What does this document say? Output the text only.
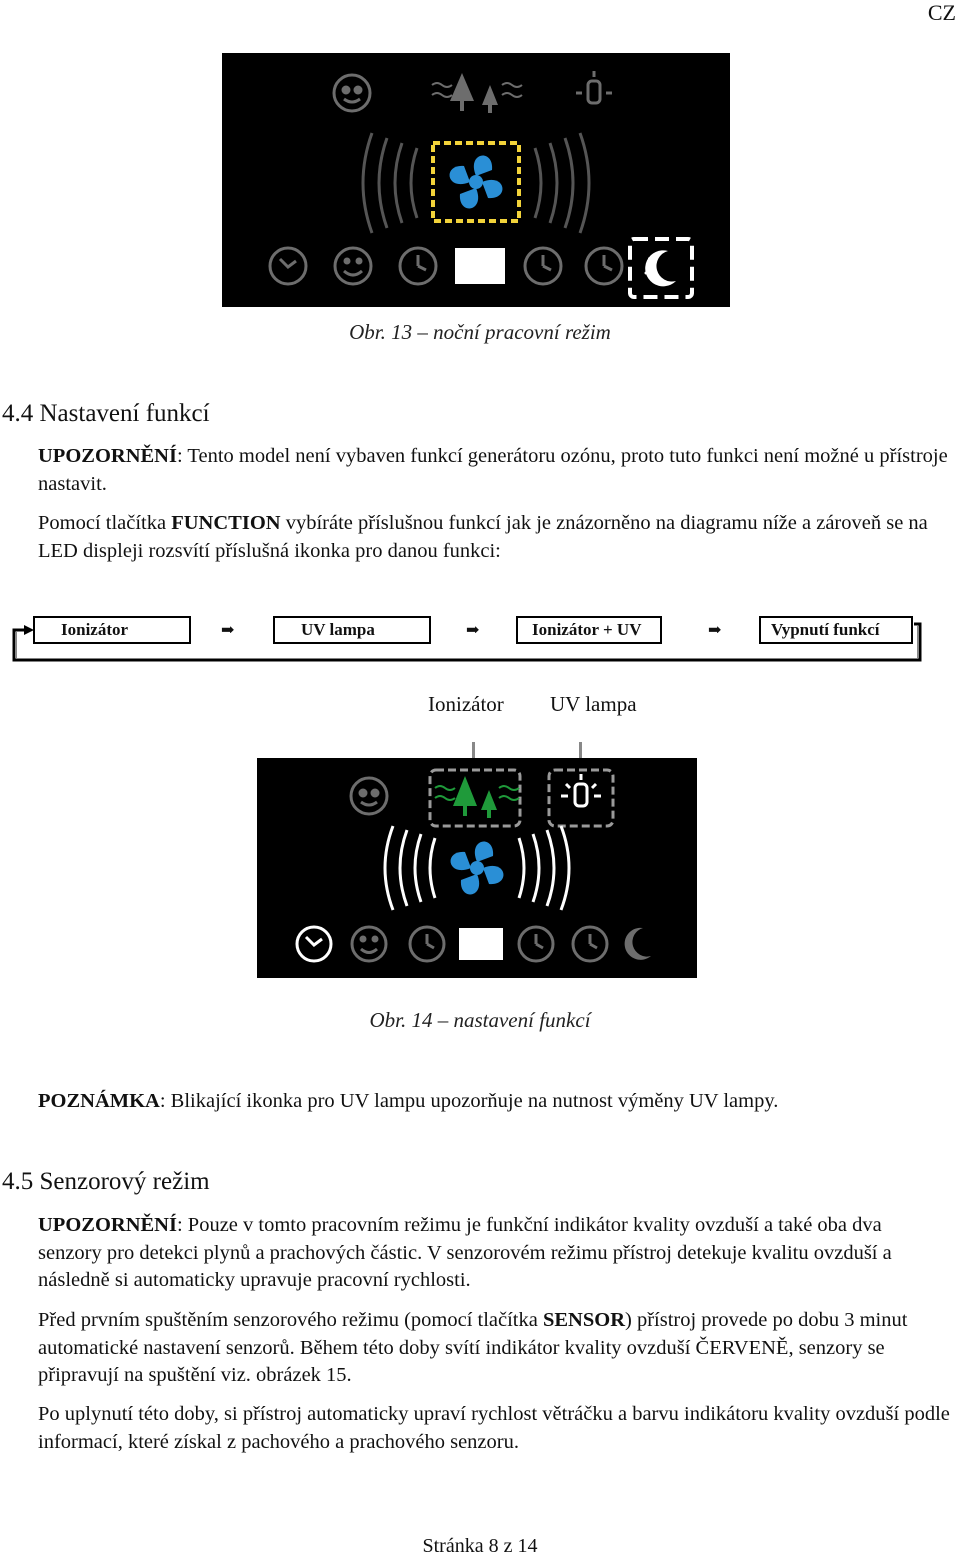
CZ
Obr. 13 – noční pracovní režim
4.4 Nastavení funkcí
UPOZORNĚNÍ: Tento model není vybaven funkcí generátoru ozónu, proto tuto funkci není možné u přístroje nastavit.
Pomocí tlačítka FUNCTION vybíráte příslušnou funkcí jak je znázorněno na diagramu níže a zároveň se na LED displeji rozsvítí příslušná ikonka pro danou funkci:
Ionizátor	➡	UV lampa	➡	Ionizátor + UV	➡	Vypnutí funkcí
Ionizátor UV lampa
Obr. 14 – nastavení funkcí
POZNÁMKA: Blikající ikonka pro UV lampu upozorňuje na nutnost výměny UV lampy.
4.5 Senzorový režim
UPOZORNĚNÍ: Pouze v tomto pracovním režimu je funkční indikátor kvality ovzduší a také oba dva senzory pro detekci plynů a prachových částic. V senzorovém režimu přístroj detekuje kvalitu ovzduší a následně si automaticky upravuje pracovní rychlosti.
Před prvním spuštěním senzorového režimu (pomocí tlačítka SENSOR) přístroj provede po dobu 3 minut automatické nastavení senzorů. Během této doby svítí indikátor kvality ovzduší ČERVENĚ, senzory se připravují na spuštění viz. obrázek 15.
Po uplynutí této doby, si přístroj automaticky upraví rychlost větráčku a barvu indikátoru kvality ovzduší podle informací, které získal z pachového a prachového senzoru.
Stránka 8 z 14
